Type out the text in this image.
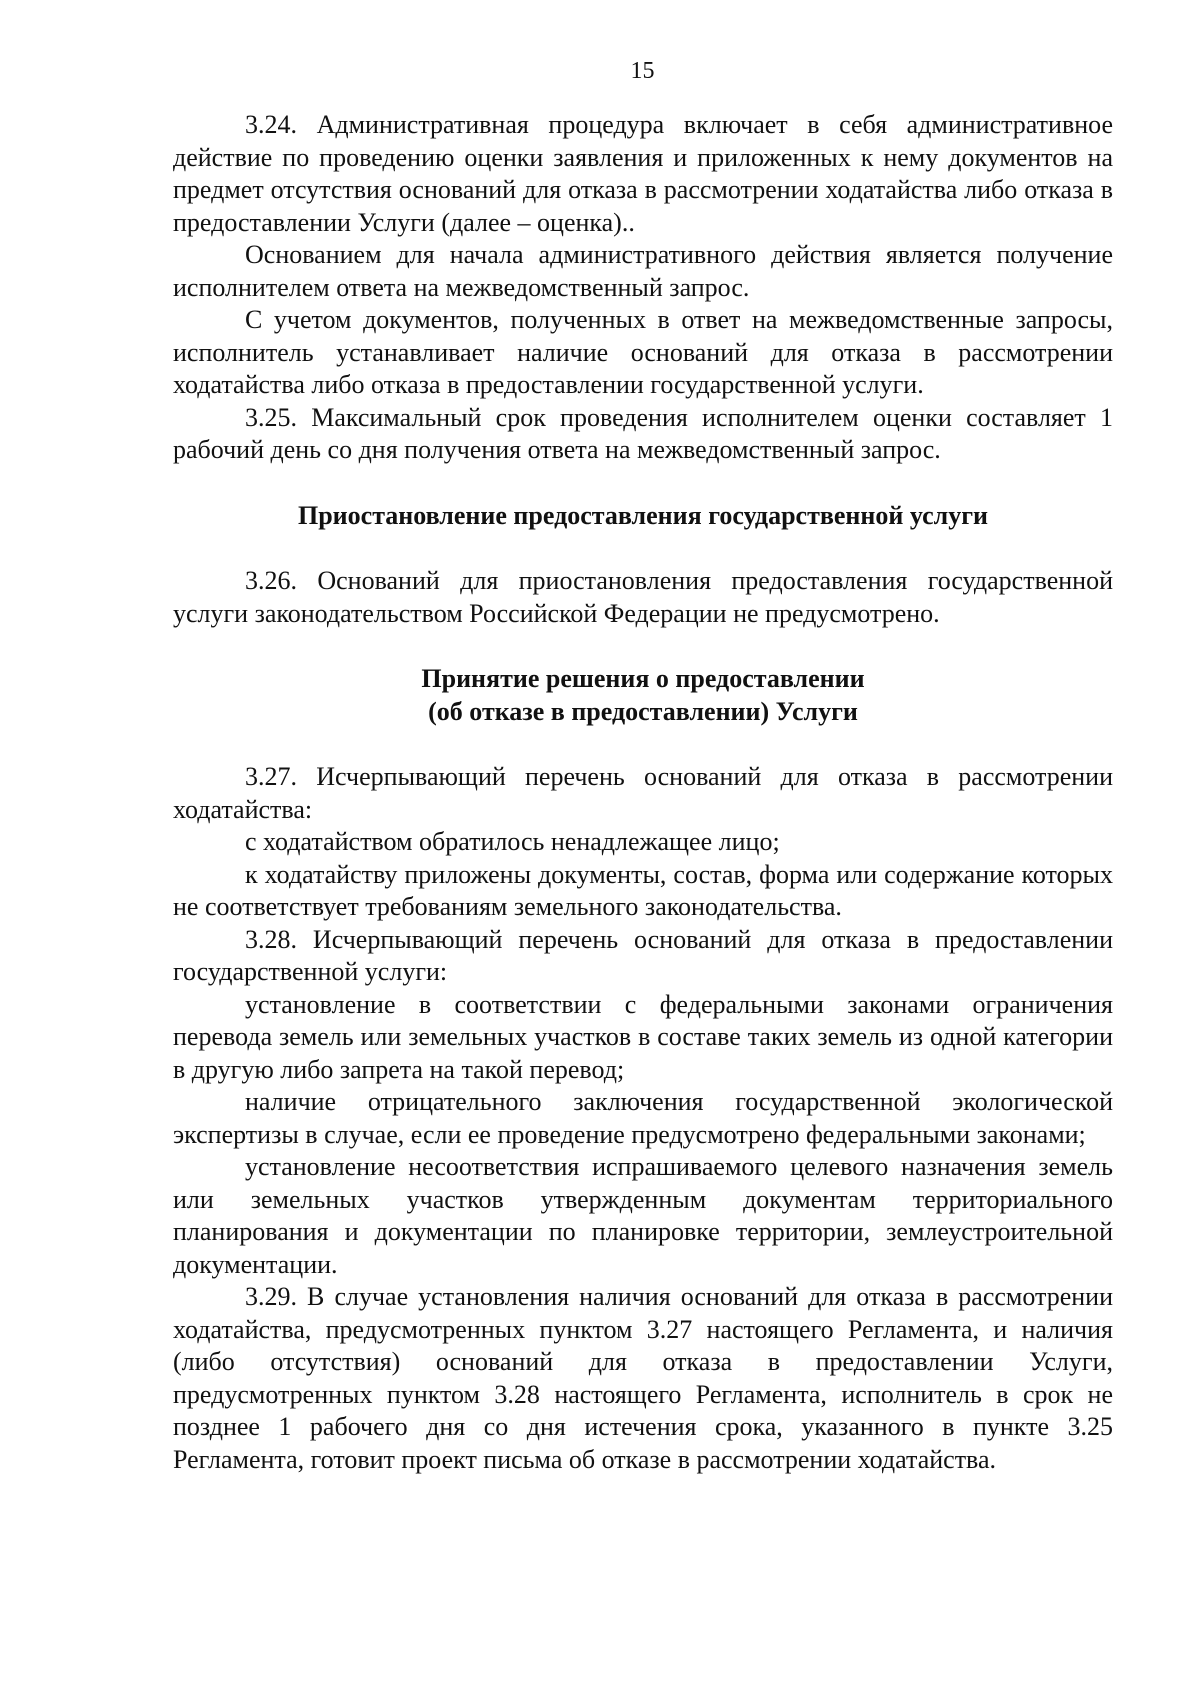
15

3.24. Административная процедура включает в себя административное действие по проведению оценки заявления и приложенных к нему документов на предмет отсутствия оснований для отказа в рассмотрении ходатайства либо отказа в предоставлении Услуги (далее – оценка)..

Основанием для начала административного действия является получение исполнителем ответа на межведомственный запрос.

С учетом документов, полученных в ответ на межведомственные запросы, исполнитель устанавливает наличие оснований для отказа в рассмотрении ходатайства либо отказа в предоставлении государственной услуги.

3.25. Максимальный срок проведения исполнителем оценки составляет 1 рабочий день со дня получения ответа на межведомственный запрос.

Приостановление предоставления государственной услуги

3.26. Оснований для приостановления предоставления государственной услуги законодательством Российской Федерации не предусмотрено.

Принятие решения о предоставлении
(об отказе в предоставлении) Услуги

3.27. Исчерпывающий перечень оснований для отказа в рассмотрении ходатайства:

с ходатайством обратилось ненадлежащее лицо;

к ходатайству приложены документы, состав, форма или содержание которых не соответствует требованиям земельного законодательства.

3.28. Исчерпывающий перечень оснований для отказа в предоставлении государственной услуги:

установление в соответствии с федеральными законами ограничения перевода земель или земельных участков в составе таких земель из одной категории в другую либо запрета на такой перевод;

наличие отрицательного заключения государственной экологической экспертизы в случае, если ее проведение предусмотрено федеральными законами;

установление несоответствия испрашиваемого целевого назначения земель или земельных участков утвержденным документам территориального планирования и документации по планировке территории, землеустроительной документации.

3.29. В случае установления наличия оснований для отказа в рассмотрении ходатайства, предусмотренных пунктом 3.27 настоящего Регламента, и наличия (либо отсутствия) оснований для отказа в предоставлении Услуги, предусмотренных пунктом 3.28 настоящего Регламента, исполнитель в срок не позднее 1 рабочего дня со дня истечения срока, указанного в пункте 3.25 Регламента, готовит проект письма об отказе в рассмотрении ходатайства.
